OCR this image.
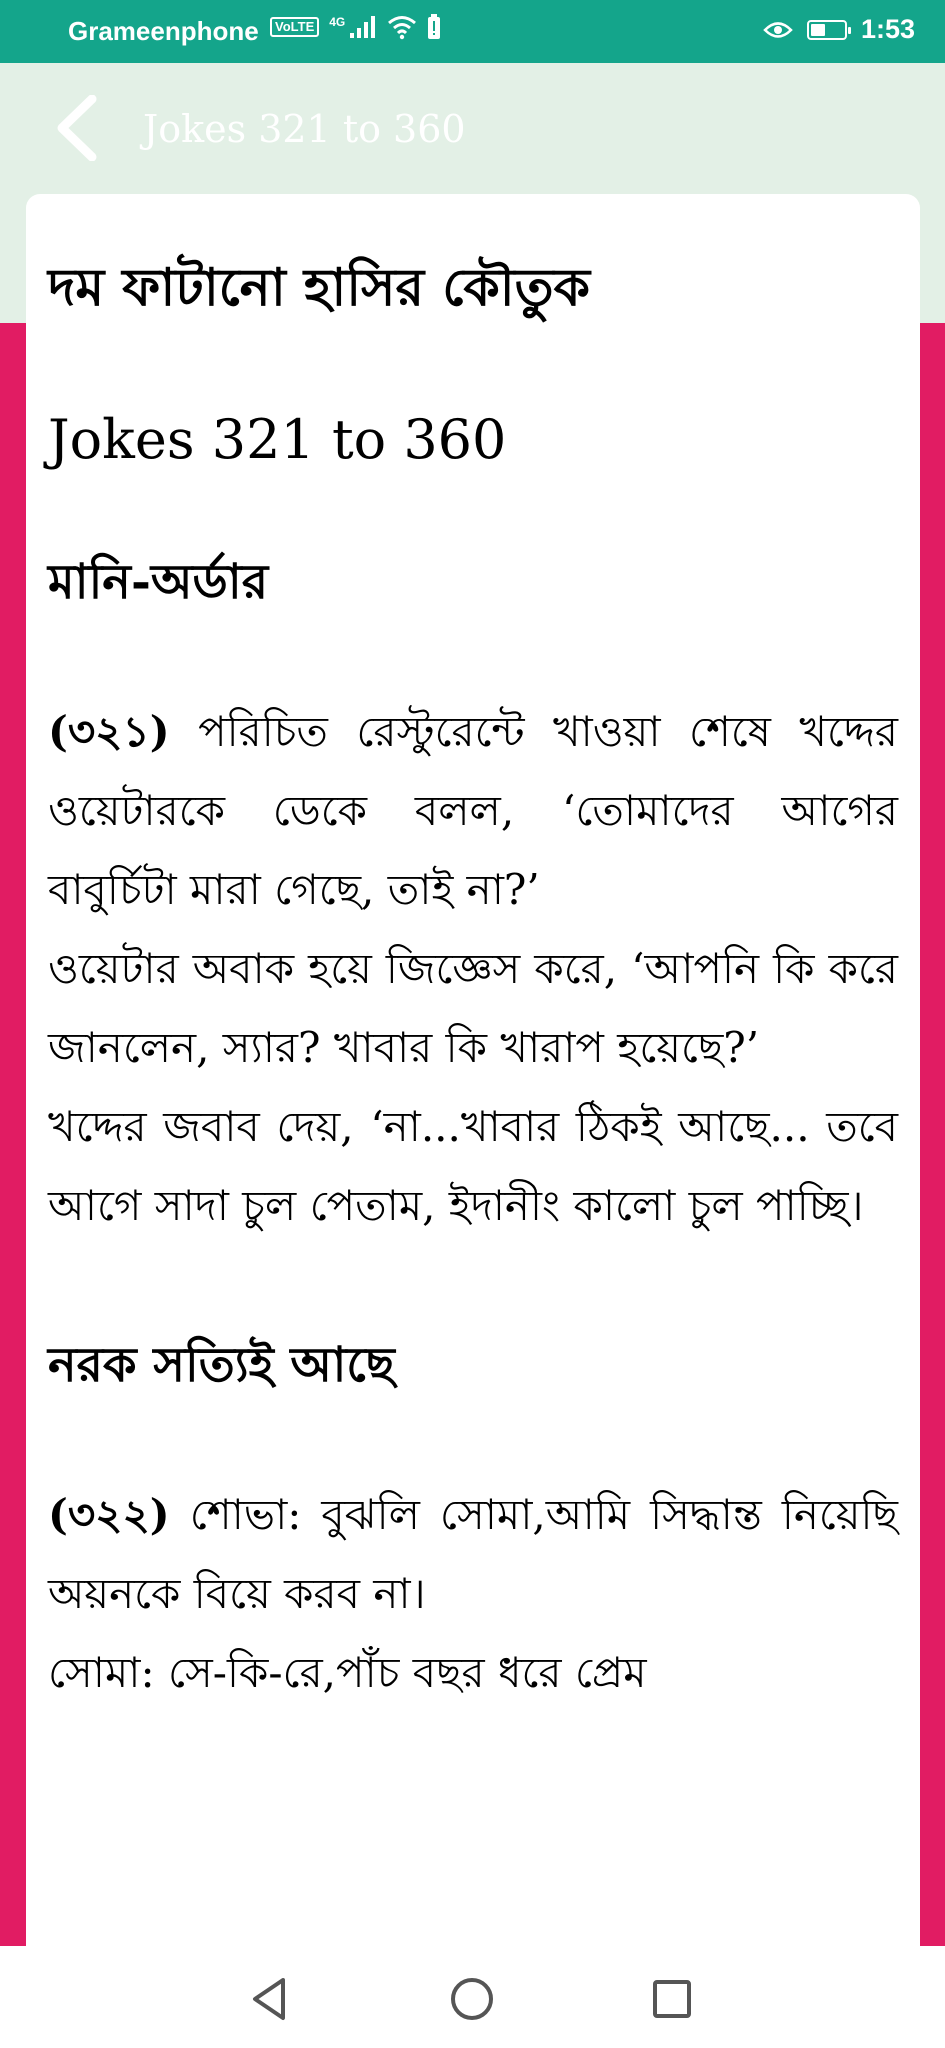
Grameenphone	VoLTE	4G	1:53
Jokes 321 to 360
দম ফাটানো হাসির কৌতুক
Jokes 321 to 360
মানি-অর্ডার

(৩২১) পরিচিত রেস্টুরেন্টে খাওয়া শেষে খদ্দের ওয়েটারকে ডেকে বলল, ‘তোমাদের আগের বাবুর্চিটা মারা গেছে, তাই না?’

ওয়েটার অবাক হয়ে জিজ্ঞেস করে, ‘আপনি কি করে জানলেন, স্যার? খাবার কি খারাপ হয়েছে?’

খদ্দের জবাব দেয়, ‘না...খাবার ঠিকই আছে... তবে আগে সাদা চুল পেতাম, ইদানীং কালো চুল পাচ্ছি।

নরক সত্যিই আছে

(৩২২) শোভা: বুঝলি সোমা,আমি সিদ্ধান্ত নিয়েছি অয়নকে বিয়ে করব না।

সোমা: সে-কি-রে,পাঁচ বছর ধরে প্রেম
